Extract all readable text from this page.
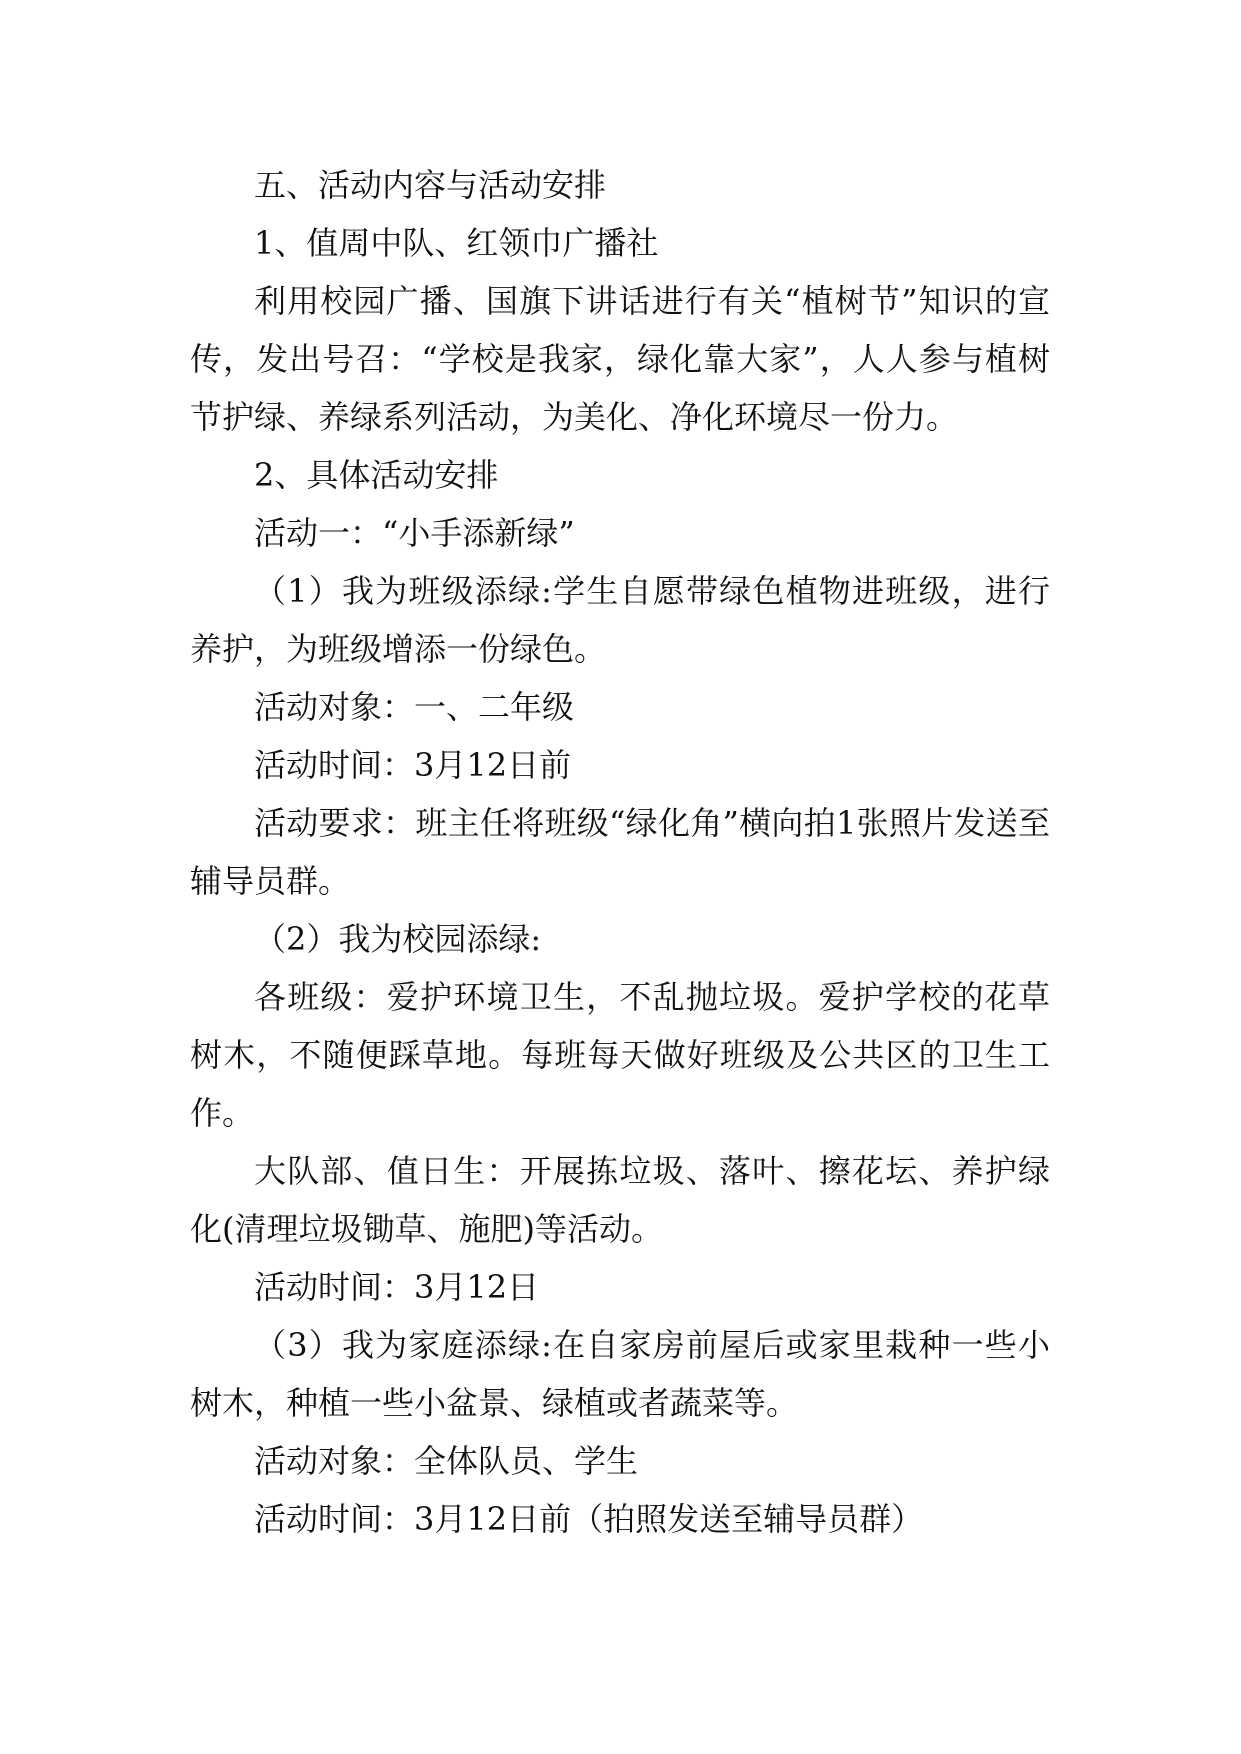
五、活动内容与活动安排

1、值周中队、红领巾广播社

利用校园广播、国旗下讲话进行有关“植树节”知识的宣传，发出号召：“学校是我家，绿化靠大家”，人人参与植树节护绿、养绿系列活动，为美化、净化环境尽一份力。

2、具体活动安排

活动一：“小手添新绿”

（1）我为班级添绿:学生自愿带绿色植物进班级，进行养护，为班级增添一份绿色。

活动对象：一、二年级

活动时间：3月12日前

活动要求：班主任将班级“绿化角”横向拍1张照片发送至辅导员群。

（2）我为校园添绿:

各班级：爱护环境卫生，不乱抛垃圾。爱护学校的花草树木，不随便踩草地。每班每天做好班级及公共区的卫生工作。

大队部、值日生：开展拣垃圾、落叶、擦花坛、养护绿化(清理垃圾锄草、施肥)等活动。

活动时间：3月12日

（3）我为家庭添绿:在自家房前屋后或家里栽种一些小树木，种植一些小盆景、绿植或者蔬菜等。

活动对象：全体队员、学生

活动时间：3月12日前（拍照发送至辅导员群）
